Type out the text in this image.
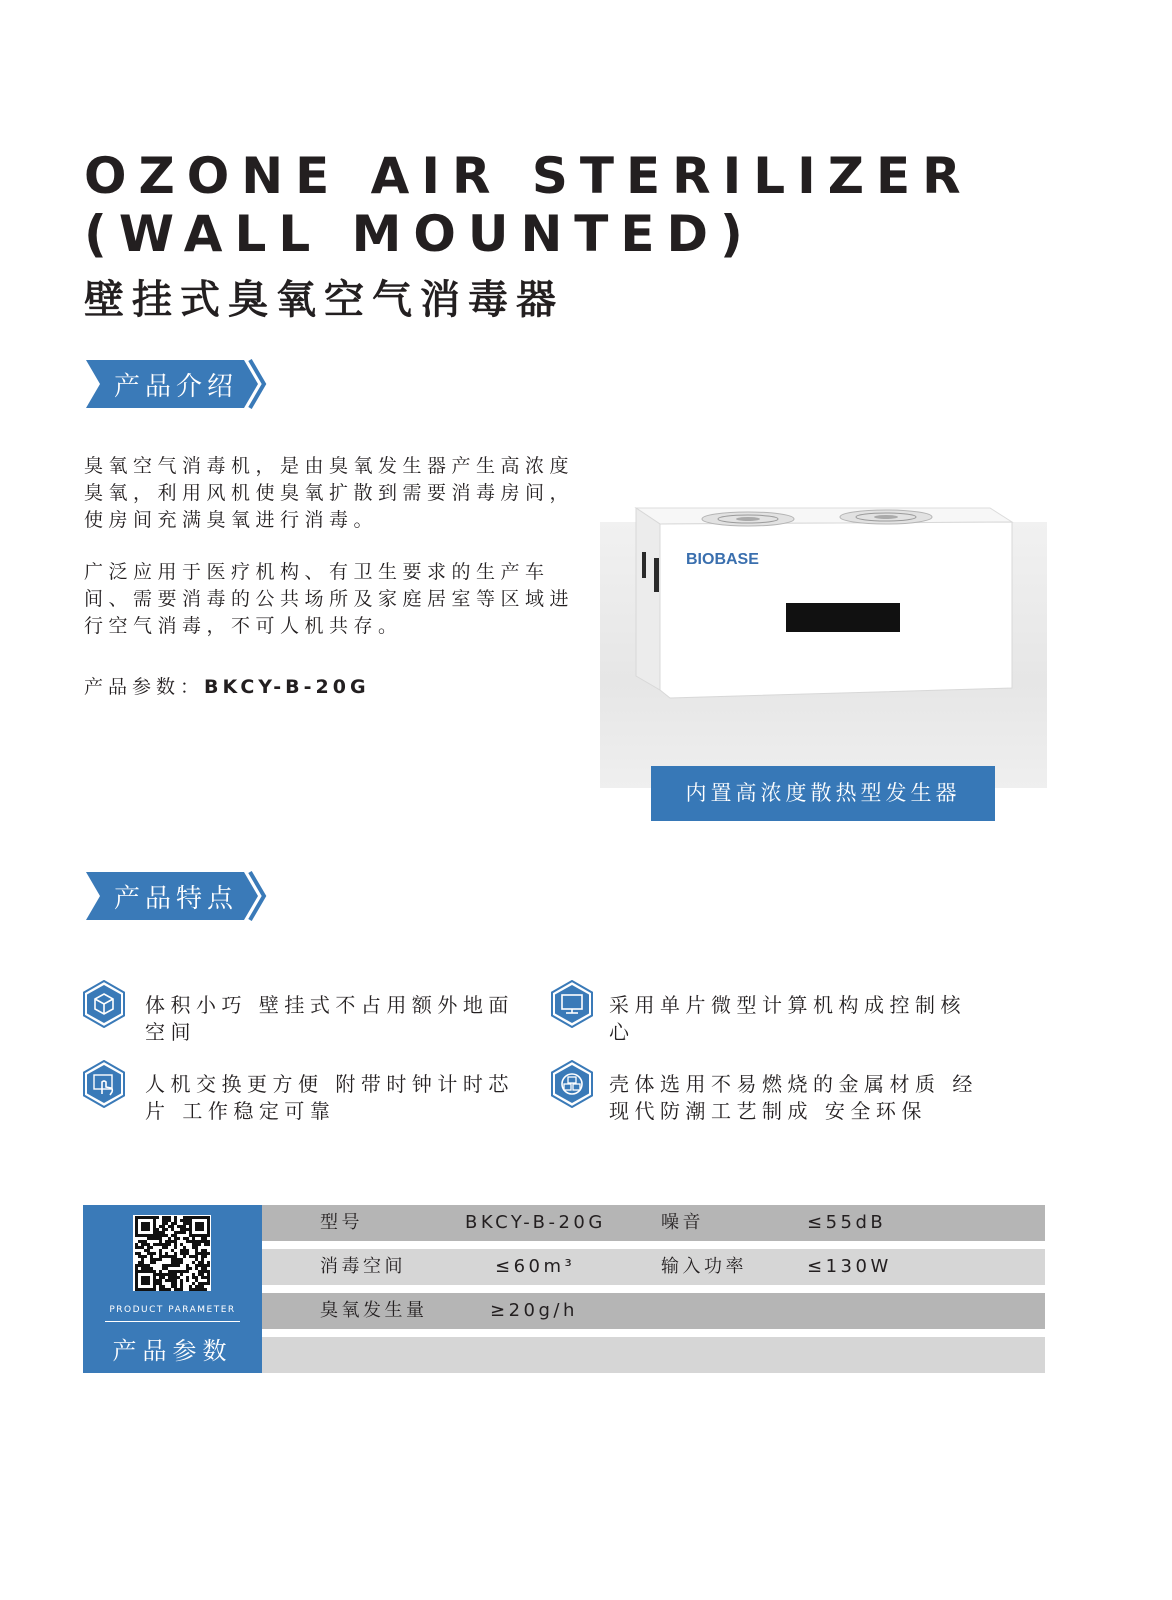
OZONE AIR STERILIZER
(WALL MOUNTED)
壁挂式臭氧空气消毒器
产品介绍
臭氧空气消毒机，是由臭氧发生器产生高浓度臭氧，利用风机使臭氧扩散到需要消毒房间，使房间充满臭氧进行消毒。
广泛应用于医疗机构、有卫生要求的生产车间、需要消毒的公共场所及家庭居室等区域进行空气消毒，不可人机共存。
产品参数：BKCY-B-20G
BIOBASE
内置高浓度散热型发生器
产品特点
体积小巧 壁挂式不占用额外地面空间
采用单片微型计算机构成控制核心
人机交换更方便 附带时钟计时芯片 工作稳定可靠
壳体选用不易燃烧的金属材质 经现代防潮工艺制成 安全环保
PRODUCT PARAMETER
产品参数
型号	BKCY-B-20G	噪音	≤55dB
消毒空间	≤60m³	输入功率	≤130W
臭氧发生量	≥20g/h
